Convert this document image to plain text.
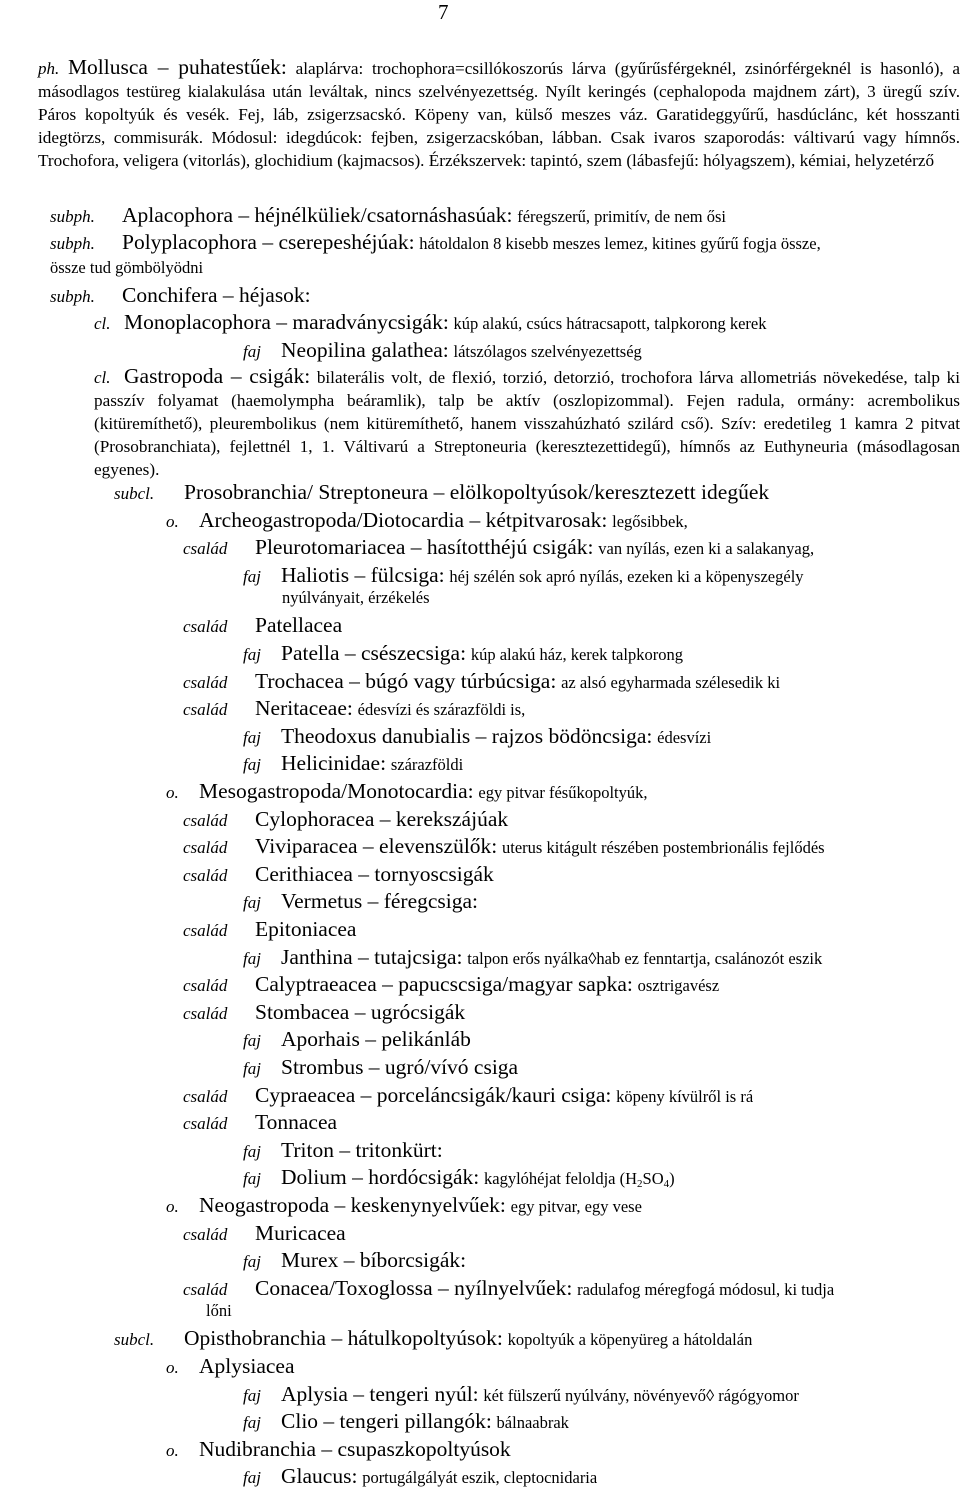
7
ph. Mollusca – puhatestűek: alaplárva: trochophora=csillókoszorús lárva (gyűrűsférgeknél, zsinórférgeknél is hasonló), a másodlagos testüreg kialakulása után leváltak, nincs szelvényezettség. Nyílt keringés (cephalopoda majdnem zárt), 3 üregű szív. Páros kopoltyúk és vesék. Fej, láb, zsigerzsacskó. Köpeny van, külső meszes váz. Garatideggyűrű, hasdúclánc, két hosszanti idegtörzs, commisurák. Módosul: idegdúcok: fejben, zsigerzacskóban, lábban. Csak ivaros szaporodás: váltivarú vagy hímnős. Trochofora, veligera (vitorlás), glochidium (kajmacsos). Érzékszervek: tapintó, szem (lábasfejű: hólyagszem), kémiai, helyzetérző
subph. Aplacophora – héjnélküliek/csatornáshasúak: féregszerű, primitív, de nem ősi
subph. Polyplacophora – cserepeshéjúak: hátoldalon 8 kisebb meszes lemez, kitines gyűrű fogja össze,
össze tud gömbölyödni
subph. Conchifera – héjasok:
cl. Monoplacophora – maradványcsigák: kúp alakú, csúcs hátracsapott, talpkorong kerek
faj Neopilina galathea: látszólagos szelvényezettség
cl. Gastropoda – csigák: bilaterális volt, de flexió, torzió, detorzió, trochofora lárva allometriás növekedése, talp ki passzív folyamat (haemolympha beáramlik), talp be aktív (oszlopizommal). Fejen radula, ormány: acrembolikus (kitüremíthető), pleurembolikus (nem kitüremíthető, hanem visszahúzható szilárd cső). Szív: eredetileg 1 kamra 2 pitvat (Prosobranchiata), fejlettnél 1, 1. Váltivarú a Streptoneuria (keresztezettidegű), hímnős az Euthyneuria (másodlagosan egyenes).
subcl. Prosobranchia/ Streptoneura – elölkopoltyúsok/keresztezett idegűek
o. Archeogastropoda/Diotocardia – kétpitvarosak: legősibbek,
család Pleurotomariacea – hasítotthéjú csigák: van nyílás, ezen ki a salakanyag,
faj Haliotis – fülcsiga: héj szélén sok apró nyílás, ezeken ki a köpenyszegély
nyúlványait, érzékelés
család Patellacea
faj Patella – csészecsiga: kúp alakú ház, kerek talpkorong
család Trochacea – búgó vagy túrbúcsiga: az alsó egyharmada szélesedik ki
család Neritaceae: édesvízi és szárazföldi is,
faj Theodoxus danubialis – rajzos bödöncsiga: édesvízi
faj Helicinidae: szárazföldi
o. Mesogastropoda/Monotocardia: egy pitvar fésűkopoltyúk,
család Cylophoracea – kerekszájúak
család Viviparacea – elevenszülők: uterus kitágult részében postembrionális fejlődés
család Cerithiacea – tornyoscsigák
faj Vermetus – féregcsiga:
család Epitoniacea
faj Janthina – tutajcsiga: talpon erős nyálka◊hab ez fenntartja, csalánozót eszik
család Calyptraeacea – papucscsiga/magyar sapka: osztrigavész
család Stombacea – ugrócsigák
faj Aporhais – pelikánláb
faj Strombus – ugró/vívó csiga
család Cypraeacea – porceláncsigák/kauri csiga: köpeny kívülről is rá
család Tonnacea
faj Triton – tritonkürt:
faj Dolium – hordócsigák: kagylóhéjat feloldja $(H_2SO_4)$
o. Neogastropoda – keskenynyelvűek: egy pitvar, egy vese
család Muricacea
faj Murex – bíborcsigák:
család Conacea/Toxoglossa – nyílnyelvűek: radulafog méregfogá módosul, ki tudja
lőni
subcl. Opisthobranchia – hátulkopoltyúsok: kopoltyúk a köpenyüreg a hátoldalán
o. Aplysiacea
faj Aplysia – tengeri nyúl: két fülszerű nyúlvány, növényevő◊ rágógyomor
faj Clio – tengeri pillangók: bálnaabrak
o. Nudibranchia – csupaszkopoltyúsok
faj Glaucus: portugálgályát eszik, cleptocnidaria
